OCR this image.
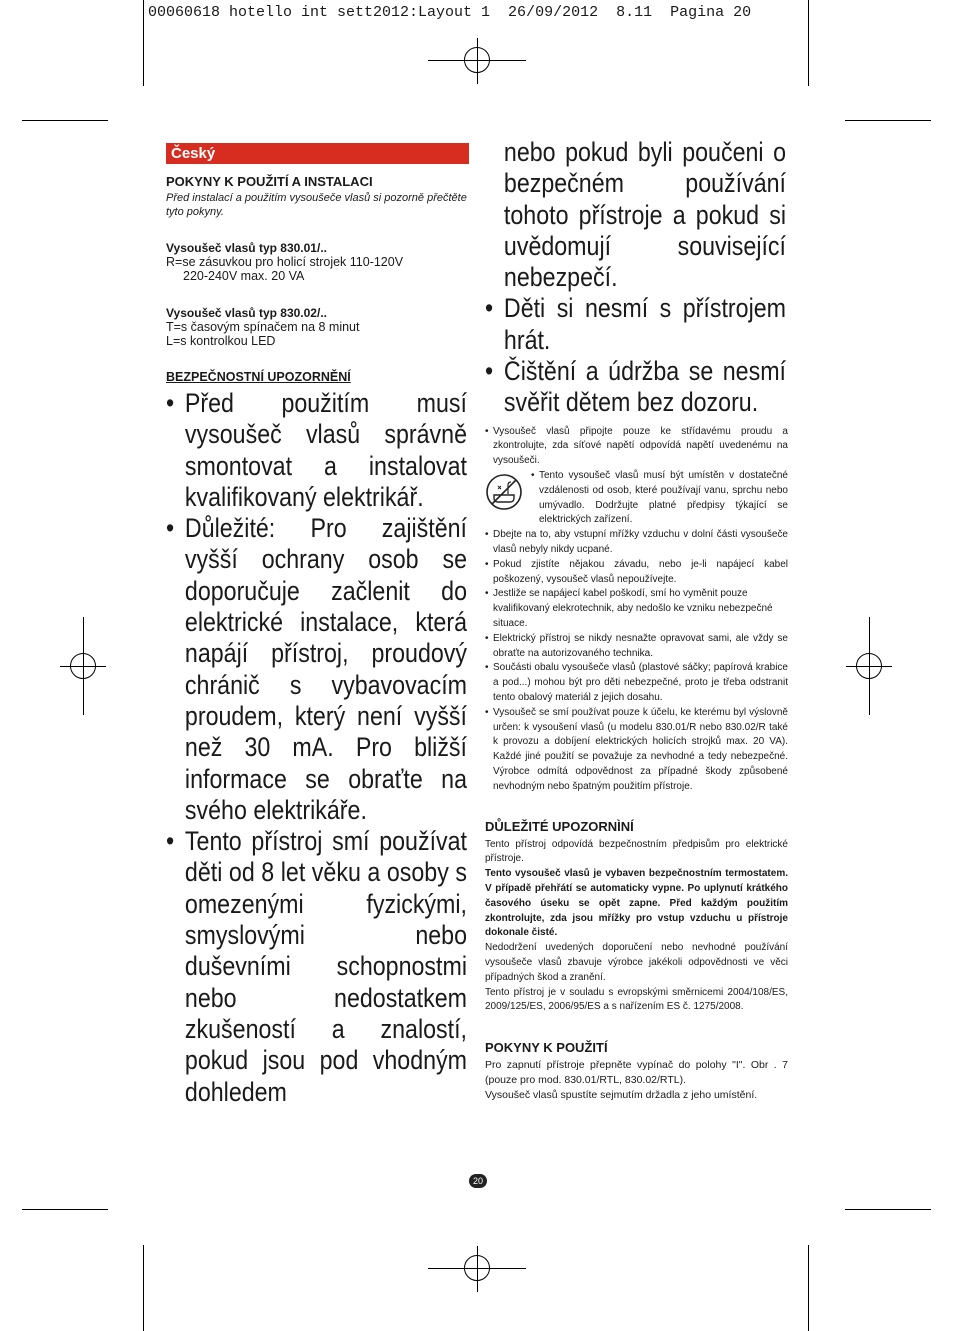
00060618 hotello int sett2012:Layout 1  26/09/2012  8.11  Pagina 20
Český
POKYNY K POUŽITÍ A INSTALACI
Před instalací a použitím vysoušeče vlasů si pozorně přečtěte tyto pokyny.
Vysoušeč vlasů typ 830.01/..
R=se zásuvkou pro holicí strojek 110-120V
220-240V max. 20 VA
Vysoušeč vlasů typ 830.02/..
T=s časovým spínačem na 8 minut
L=s kontrolkou LED
BEZPEČNOSTNÍ UPOZORNĚNÍ
• Před použitím musí vysoušeč vlasů správně smontovat a instalovat kvalifikovaný elektrikář.
• Důležité: Pro zajištění vyšší ochrany osob se doporučuje začlenit do elektrické instalace, která napájí přístroj, proudový chránič s vybavovacím proudem, který není vyšší než 30 mA. Pro bližší informace se obraťte na svého elektrikáře.
• Tento přístroj smí používat děti od 8 let věku a osoby s omezenými fyzickými, smyslovými nebo duševními schopnostmi nebo nedostatkem zkušeností a znalostí, pokud jsou pod vhodným dohledem
nebo pokud byli poučeni o bezpečném používání tohoto přístroje a pokud si uvědomují související nebezpečí.
• Děti si nesmí s přístrojem hrát.
• Čištění a údržba se nesmí svěřit dětem bez dozoru.
• Vysoušeč vlasů připojte pouze ke střídavému proudu a zkontrolujte, zda síťové napětí odpovídá napětí uvedenému na vysoušeči.
• Tento vysoušeč vlasů musí být umístěn v dostatečné vzdálenosti od osob, které používají vanu, sprchu nebo umývadlo. Dodržujte platné předpisy týkající se elektrických zařízení.
• Dbejte na to, aby vstupní mřížky vzduchu v dolní části vysoušeče vlasů nebyly nikdy ucpané.
• Pokud zjistíte nějakou závadu, nebo je-li napájecí kabel poškozený, vysoušeč vlasů nepoužívejte.
• Jestliže se napájecí kabel poškodí, smí ho vyměnit pouze kvalifikovaný elekrotechnik, aby nedošlo ke vzniku nebezpečné situace.
• Elektrický přístroj se nikdy nesnažte opravovat sami, ale vždy se obraťte na autorizovaného technika.
• Součásti obalu vysoušeče vlasů (plastové sáčky; papírová krabice a pod...) mohou být pro děti nebezpečné, proto je třeba odstranit tento obalový materiál z jejich dosahu.
• Vysoušeč se smí používat pouze k účelu, ke kterému byl výslovně určen: k vysoušení vlasů (u modelu 830.01/R nebo 830.02/R také k provozu a dobíjení elektrických holicích strojků max. 20 VA). Každé jiné použití se považuje za nevhodné a tedy nebezpečné. Výrobce odmítá odpovědnost za případné škody způsobené nevhodným nebo špatným použitím přístroje.
DŮLEŽITÉ UPOZORNÌNÍ
Tento přístroj odpovídá bezpečnostním předpisům pro elektrické přístroje.
Tento vysoušeč vlasů je vybaven bezpečnostním termostatem. V případě přehřátí se automaticky vypne. Po uplynutí krátkého časového úseku se opět zapne. Před každým použitím zkontrolujte, zda jsou mřížky pro vstup vzduchu u přístroje dokonale čisté.
Nedodržení uvedených doporučení nebo nevhodné používání vysoušeče vlasů zbavuje výrobce jakékoli odpovědnosti ve věci případných škod a zranění.
Tento přístroj je v souladu s evropskými směrnicemi 2004/108/ES, 2009/125/ES, 2006/95/ES a s nařízením ES č. 1275/2008.
POKYNY K POUŽITÍ
Pro zapnutí přístroje přepněte vypínač do polohy "I". Obr . 7 (pouze pro mod. 830.01/RTL, 830.02/RTL).
Vysoušeč vlasů spustíte sejmutím držadla z jeho umístění.
20
